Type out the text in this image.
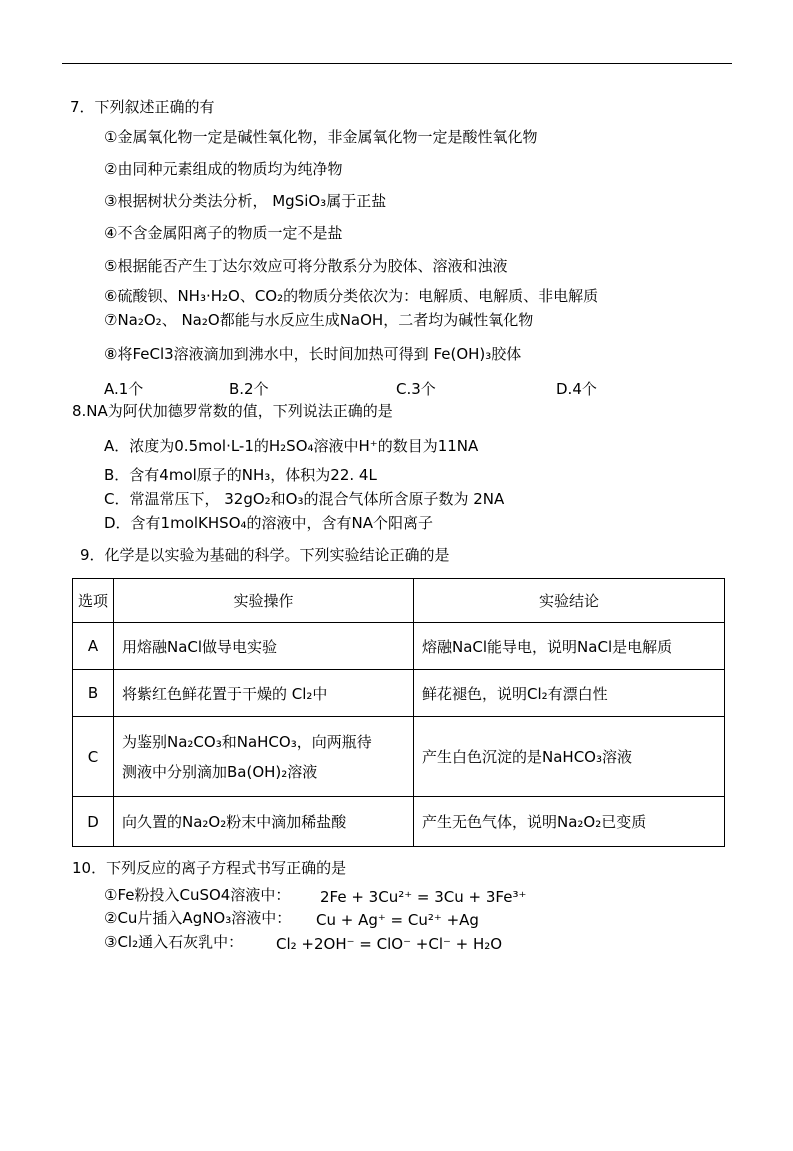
7．下列叙述正确的有
①金属氧化物一定是碱性氧化物，非金属氧化物一定是酸性氧化物
②由同种元素组成的物质均为纯净物
③根据树状分类法分析， MgSiO₃属于正盐
④不含金属阳离子的物质一定不是盐
⑤根据能否产生丁达尔效应可将分散系分为胶体、溶液和浊液
⑥硫酸钡、NH₃·H₂O、CO₂的物质分类依次为：电解质、电解质、非电解质
⑦Na₂O₂、 Na₂O都能与水反应生成NaOH，二者均为碱性氧化物
⑧将FeCl3溶液滴加到沸水中，长时间加热可得到 Fe(OH)₃胶体
A.1个	B.2个	C.3个	D.4个
8.NA为阿伏加德罗常数的值，下列说法正确的是
A．浓度为0.5mol·L-1的H₂SO₄溶液中H⁺的数目为11NA
B．含有4mol原子的NH₃，体积为22. 4L
C．常温常压下， 32gO₂和O₃的混合气体所含原子数为 2NA
D．含有1molKHSO₄的溶液中，含有NA个阳离子
9．化学是以实验为基础的科学。下列实验结论正确的是
选项	实验操作	实验结论
A	用熔融NaCl做导电实验	熔融NaCl能导电，说明NaCl是电解质
B	将紫红色鲜花置于干燥的 Cl₂中	鲜花褪色，说明Cl₂有漂白性
C	为鉴别Na₂CO₃和NaHCO₃，向两瓶待
测液中分别滴加Ba(OH)₂溶液	产生白色沉淀的是NaHCO₃溶液
D	向久置的Na₂O₂粉末中滴加稀盐酸	产生无色气体，说明Na₂O₂已变质
10．下列反应的离子方程式书写正确的是
①Fe粉投入CuSO4溶液中： 2Fe + 3Cu²⁺ = 3Cu + 3Fe³⁺
②Cu片插入AgNO₃溶液中： Cu + Ag⁺ = Cu²⁺ +Ag
③Cl₂通入石灰乳中： Cl₂ +2OH⁻ = ClO⁻ +Cl⁻ + H₂O
